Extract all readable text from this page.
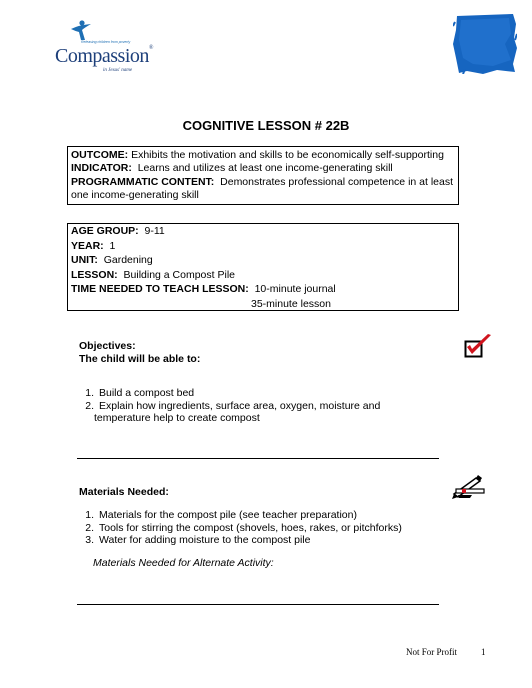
Releasing children from poverty
Compassion®
in Jesus' name
COGNITIVE LESSON # 22B
OUTCOME: Exhibits the motivation and skills to be economically self-supporting
INDICATOR: Learns and utilizes at least one income-generating skill
PROGRAMMATIC CONTENT: Demonstrates professional competence in at least one income-generating skill
AGE GROUP: 9-11
YEAR: 1
UNIT: Gardening
LESSON: Building a Compost Pile
TIME NEEDED TO TEACH LESSON: 10-minute journal
35-minute lesson
Objectives:
The child will be able to:
1. Build a compost bed
2. Explain how ingredients, surface area, oxygen, moisture and
temperature help to create compost
Materials Needed:
1. Materials for the compost pile (see teacher preparation)
2. Tools for stirring the compost (shovels, hoes, rakes, or pitchforks)
3. Water for adding moisture to the compost pile
Materials Needed for Alternate Activity:
Not For Profit	1
